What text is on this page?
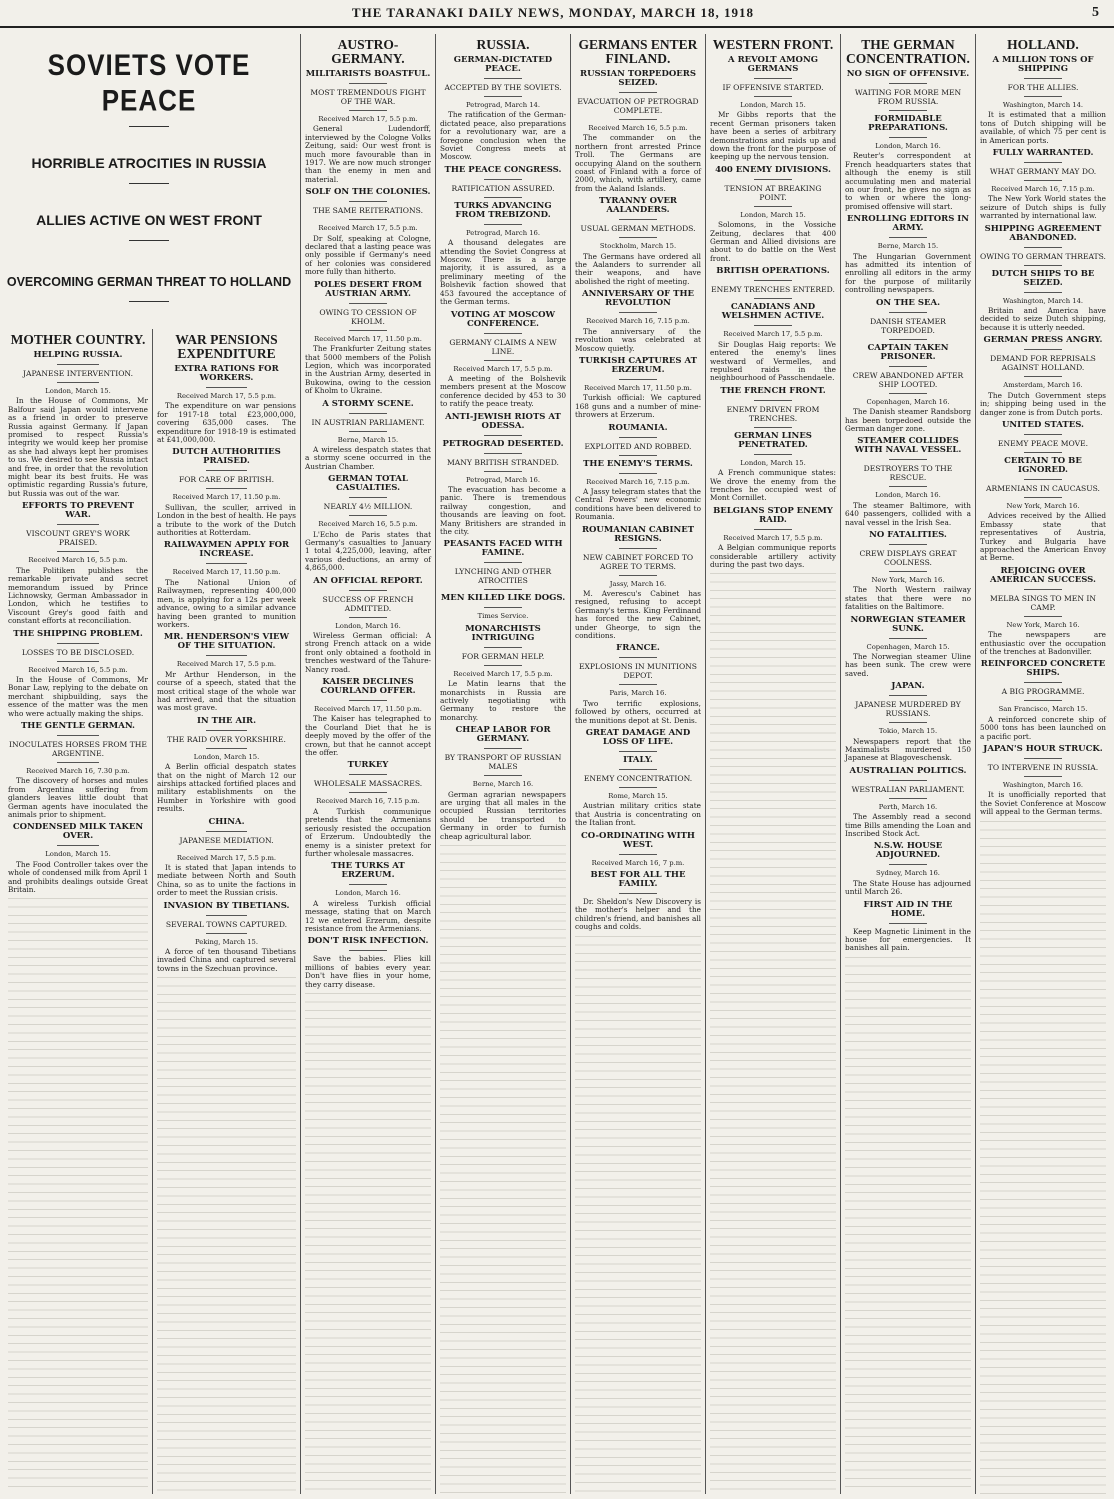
THE TARANAKI DAILY NEWS, MONDAY, MARCH 18, 1918	5
SOVIETS VOTE PEACE
HORRIBLE ATROCITIES IN RUSSIA
ALLIES ACTIVE ON WEST FRONT
OVERCOMING GERMAN THREAT TO HOLLAND
MOTHER COUNTRY.
HELPING RUSSIA.
JAPANESE INTERVENTION.
London, March 15.

In the House of Commons, Mr Balfour said Japan would intervene as a friend in order to preserve Russia against Germany. If Japan promised to respect Russia's integrity we would keep her promise as she had always kept her promises to us. We desired to see Russia intact and free, in order that the revolution might bear its best fruits. He was optimistic regarding Russia's future, but Russia was out of the war.

EFFORTS TO PREVENT WAR.
VISCOUNT GREY'S WORK PRAISED.
Received March 16, 5.5 p.m.

The Politiken publishes the remarkable private and secret memorandum issued by Prince Lichnowsky, German Ambassador in London, which he testifies to Viscount Grey's good faith and constant efforts at reconciliation.

THE SHIPPING PROBLEM.
LOSSES TO BE DISCLOSED.
Received March 16, 5.5 p.m.

In the House of Commons, Mr Bonar Law, replying to the debate on merchant shipbuilding, says the essence of the matter was the men who were actually making the ships.

THE GENTLE GERMAN.
INOCULATES HORSES FROM THE ARGENTINE.
Received March 16, 7.30 p.m.

The discovery of horses and mules from Argentina suffering from glanders leaves little doubt that German agents have inoculated the animals prior to shipment.

CONDENSED MILK TAKEN OVER.
London, March 15.

The Food Controller takes over the whole of condensed milk from April 1 and prohibits dealings outside Great Britain.

WAR PENSIONS EXPENDITURE
EXTRA RATIONS FOR WORKERS.
Received March 17, 5.5 p.m.

The expenditure on war pensions for 1917-18 total £23,000,000, covering 635,000 cases. The expenditure for 1918-19 is estimated at £41,000,000.

DUTCH AUTHORITIES PRAISED.
FOR CARE OF BRITISH.
Received March 17, 11.50 p.m.

Sullivan, the sculler, arrived in London in the best of health. He pays a tribute to the work of the Dutch authorities at Rotterdam.

RAILWAYMEN APPLY FOR INCREASE.
Received March 17, 11.50 p.m.

The National Union of Railwaymen, representing 400,000 men, is applying for a 12s per week advance, owing to a similar advance having been granted to munition workers.

MR. HENDERSON'S VIEW OF THE SITUATION.
Received March 17, 5.5 p.m.

Mr Arthur Henderson, in the course of a speech, stated that the most critical stage of the whole war had arrived, and that the situation was most grave.

IN THE AIR.
THE RAID OVER YORKSHIRE.
London, March 15.

A Berlin official despatch states that on the night of March 12 our airships attacked fortified places and military establishments on the Humber in Yorkshire with good results.

CHINA.
JAPANESE MEDIATION.
Received March 17, 5.5 p.m.

It is stated that Japan intends to mediate between North and South China, so as to unite the factions in order to meet the Russian crisis.

INVASION BY TIBETIANS.
SEVERAL TOWNS CAPTURED.
Peking, March 15.

A force of ten thousand Tibetians invaded China and captured several towns in the Szechuan province.

AUSTRO-GERMANY.
MILITARISTS BOASTFUL.
MOST TREMENDOUS FIGHT OF THE WAR.
Received March 17, 5.5 p.m.

General Ludendorff, interviewed by the Cologne Volks Zeitung, said: Our west front is much more favourable than in 1917. We are now much stronger than the enemy in men and material.

SOLF ON THE COLONIES.
THE SAME REITERATIONS.
Received March 17, 5.5 p.m.

Dr Solf, speaking at Cologne, declared that a lasting peace was only possible if Germany's need of her colonies was considered more fully than hitherto.

POLES DESERT FROM AUSTRIAN ARMY.
OWING TO CESSION OF KHOLM.
Received March 17, 11.50 p.m.

The Frankfurter Zeitung states that 5000 members of the Polish Legion, which was incorporated in the Austrian Army, deserted in Bukowina, owing to the cession of Kholm to Ukraine.

A STORMY SCENE.
IN AUSTRIAN PARLIAMENT.
Berne, March 15.

A wireless despatch states that a stormy scene occurred in the Austrian Chamber.

GERMAN TOTAL CASUALTIES.
NEARLY 4½ MILLION.
Received March 16, 5.5 p.m.

L'Echo de Paris states that Germany's casualties to January 1 total 4,225,000, leaving, after various deductions, an army of 4,865,000.

AN OFFICIAL REPORT.
SUCCESS OF FRENCH ADMITTED.
London, March 16.

Wireless German official: A strong French attack on a wide front only obtained a foothold in trenches westward of the Tahure-Nancy road.

KAISER DECLINES COURLAND OFFER.
Received March 17, 11.50 p.m.

The Kaiser has telegraphed to the Courland Diet that he is deeply moved by the offer of the crown, but that he cannot accept the offer.

TURKEY
WHOLESALE MASSACRES.
Received March 16, 7.15 p.m.

A Turkish communique pretends that the Armenians seriously resisted the occupation of Erzerum. Undoubtedly the enemy is a sinister pretext for further wholesale massacres.

THE TURKS AT ERZERUM.
London, March 16.

A wireless Turkish official message, stating that on March 12 we entered Erzerum, despite resistance from the Armenians.

DON'T RISK INFECTION.

Save the babies. Flies kill millions of babies every year. Don't have flies in your home, they carry disease.

RUSSIA.
GERMAN-DICTATED PEACE.
ACCEPTED BY THE SOVIETS.
Petrograd, March 14.

The ratification of the German-dictated peace, also preparations for a revolutionary war, are a foregone conclusion when the Soviet Congress meets at Moscow.

THE PEACE CONGRESS.
RATIFICATION ASSURED.
TURKS ADVANCING FROM TREBIZOND.
Petrograd, March 16.

A thousand delegates are attending the Soviet Congress at Moscow. There is a large majority, it is assured, as a preliminary meeting of the Bolshevik faction showed that 453 favoured the acceptance of the German terms.

VOTING AT MOSCOW CONFERENCE.
GERMANY CLAIMS A NEW LINE.
Received March 17, 5.5 p.m.

A meeting of the Bolshevik members present at the Moscow conference decided by 453 to 30 to ratify the peace treaty.

ANTI-JEWISH RIOTS AT ODESSA.
PETROGRAD DESERTED.
MANY BRITISH STRANDED.
Petrograd, March 16.

The evacuation has become a panic. There is tremendous railway congestion, and thousands are leaving on foot. Many Britishers are stranded in the city.

PEASANTS FACED WITH FAMINE.
LYNCHING AND OTHER ATROCITIES
MEN KILLED LIKE DOGS.
Times Service.
MONARCHISTS INTRIGUING
FOR GERMAN HELP.
Received March 17, 5.5 p.m.

Le Matin learns that the monarchists in Russia are actively negotiating with Germany to restore the monarchy.

CHEAP LABOR FOR GERMANY.
BY TRANSPORT OF RUSSIAN MALES
Berne, March 16.

German agrarian newspapers are urging that all males in the occupied Russian territories should be transported to Germany in order to furnish cheap agricultural labor.

GERMANS ENTER FINLAND.
RUSSIAN TORPEDOERS SEIZED.
EVACUATION OF PETROGRAD COMPLETE.
Received March 16, 5.5 p.m.

The commander on the northern front arrested Prince Troll. The Germans are occupying Aland on the southern coast of Finland with a force of 2000, which, with artillery, came from the Aaland Islands.

TYRANNY OVER AALANDERS.
USUAL GERMAN METHODS.
Stockholm, March 15.

The Germans have ordered all the Aalanders to surrender all their weapons, and have abolished the right of meeting.

ANNIVERSARY OF THE REVOLUTION
Received March 16, 7.15 p.m.

The anniversary of the revolution was celebrated at Moscow quietly.

TURKISH CAPTURES AT ERZERUM.
Received March 17, 11.50 p.m.

Turkish official: We captured 168 guns and a number of mine-throwers at Erzerum.

ROUMANIA.
EXPLOITED AND ROBBED.
THE ENEMY'S TERMS.
Received March 16, 7.15 p.m.

A Jassy telegram states that the Central Powers' new economic conditions have been delivered to Roumania.

ROUMANIAN CABINET RESIGNS.
NEW CABINET FORCED TO AGREE TO TERMS.
Jassy, March 16.

M. Averescu's Cabinet has resigned, refusing to accept Germany's terms. King Ferdinand has forced the new Cabinet, under Gheorge, to sign the conditions.

FRANCE.
EXPLOSIONS IN MUNITIONS DEPOT.
Paris, March 16.

Two terrific explosions, followed by others, occurred at the munitions depot at St. Denis.

GREAT DAMAGE AND LOSS OF LIFE.
ITALY.
ENEMY CONCENTRATION.
Rome, March 15.

Austrian military critics state that Austria is concentrating on the Italian front.

CO-ORDINATING WITH WEST.
Received March 16, 7 p.m.
BEST FOR ALL THE FAMILY.

Dr. Sheldon's New Discovery is the mother's helper and the children's friend, and banishes all coughs and colds.

WESTERN FRONT.
A REVOLT AMONG GERMANS
IF OFFENSIVE STARTED.
London, March 15.

Mr Gibbs reports that the recent German prisoners taken have been a series of arbitrary demonstrations and raids up and down the front for the purpose of keeping up the nervous tension.

400 ENEMY DIVISIONS.
TENSION AT BREAKING POINT.
London, March 15.

Solomons, in the Vossiche Zeitung, declares that 400 German and Allied divisions are about to do battle on the West front.

BRITISH OPERATIONS.
ENEMY TRENCHES ENTERED.
CANADIANS AND WELSHMEN ACTIVE.
Received March 17, 5.5 p.m.

Sir Douglas Haig reports: We entered the enemy's lines westward of Vermelles, and repulsed raids in the neighbourhood of Passchendaele.

THE FRENCH FRONT.
ENEMY DRIVEN FROM TRENCHES.
GERMAN LINES PENETRATED.
London, March 15.

A French communique states: We drove the enemy from the trenches he occupied west of Mont Cornillet.

BELGIANS STOP ENEMY RAID.
Received March 17, 5.5 p.m.

A Belgian communique reports considerable artillery activity during the past two days.

THE GERMAN CONCENTRATION.
NO SIGN OF OFFENSIVE.
WAITING FOR MORE MEN FROM RUSSIA.
FORMIDABLE PREPARATIONS.
London, March 16.

Reuter's correspondent at French headquarters states that although the enemy is still accumulating men and material on our front, he gives no sign as to when or where the long-promised offensive will start.

ENROLLING EDITORS IN ARMY.
Berne, March 15.

The Hungarian Government has admitted its intention of enrolling all editors in the army for the purpose of militarily controlling newspapers.

ON THE SEA.
DANISH STEAMER TORPEDOED.
CAPTAIN TAKEN PRISONER.
CREW ABANDONED AFTER SHIP LOOTED.
Copenhagen, March 16.

The Danish steamer Randsborg has been torpedoed outside the German danger zone.

STEAMER COLLIDES WITH NAVAL VESSEL.
DESTROYERS TO THE RESCUE.
London, March 16.

The steamer Baltimore, with 640 passengers, collided with a naval vessel in the Irish Sea.

NO FATALITIES.
CREW DISPLAYS GREAT COOLNESS.
New York, March 16.

The North Western railway states that there were no fatalities on the Baltimore.

NORWEGIAN STEAMER SUNK.
Copenhagen, March 15.

The Norwegian steamer Uline has been sunk. The crew were saved.

JAPAN.
JAPANESE MURDERED BY RUSSIANS.
Tokio, March 15.

Newspapers report that the Maximalists murdered 150 Japanese at Blagoveschensk.

AUSTRALIAN POLITICS.
WESTRALIAN PARLIAMENT.
Perth, March 16.

The Assembly read a second time Bills amending the Loan and Inscribed Stock Act.

N.S.W. HOUSE ADJOURNED.
Sydney, March 16.

The State House has adjourned until March 26.

FIRST AID IN THE HOME.

Keep Magnetic Liniment in the house for emergencies. It banishes all pain.

HOLLAND.
A MILLION TONS OF SHIPPING
FOR THE ALLIES.
Washington, March 14.

It is estimated that a million tons of Dutch shipping will be available, of which 75 per cent is in American ports.

FULLY WARRANTED.
WHAT GERMANY MAY DO.
Received March 16, 7.15 p.m.

The New York World states the seizure of Dutch ships is fully warranted by international law.

SHIPPING AGREEMENT ABANDONED.
OWING TO GERMAN THREATS.
DUTCH SHIPS TO BE SEIZED.
Washington, March 14.

Britain and America have decided to seize Dutch shipping, because it is utterly needed.

GERMAN PRESS ANGRY.
DEMAND FOR REPRISALS AGAINST HOLLAND.
Amsterdam, March 16.

The Dutch Government steps in; shipping being used in the danger zone is from Dutch ports.

UNITED STATES.
ENEMY PEACE MOVE.
CERTAIN TO BE IGNORED.
ARMENIANS IN CAUCASUS.
New York, March 16.

Advices received by the Allied Embassy state that representatives of Austria, Turkey and Bulgaria have approached the American Envoy at Berne.

REJOICING OVER AMERICAN SUCCESS.
MELBA SINGS TO MEN IN CAMP.
New York, March 16.

The newspapers are enthusiastic over the occupation of the trenches at Badonviller.

REINFORCED CONCRETE SHIPS.
A BIG PROGRAMME.
San Francisco, March 15.

A reinforced concrete ship of 5000 tons has been launched on a pacific port.

JAPAN'S HOUR STRUCK.
TO INTERVENE IN RUSSIA.
Washington, March 16.

It is unofficially reported that the Soviet Conference at Moscow will appeal to the German terms.
